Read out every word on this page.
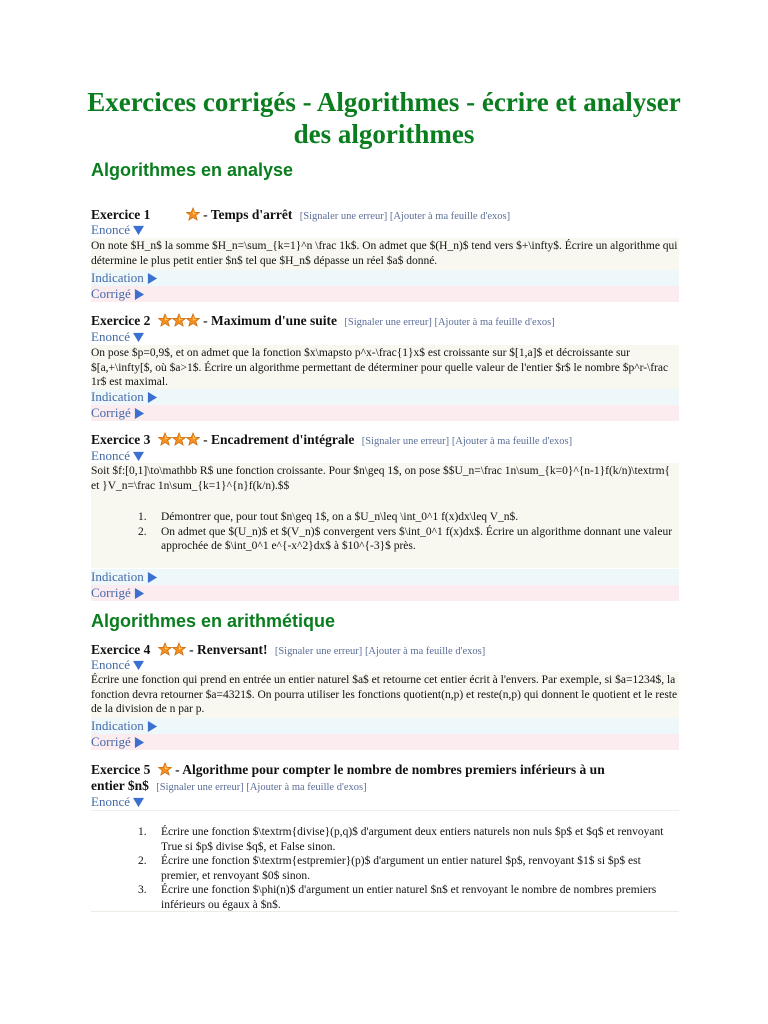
Exercices corrigés - Algorithmes - écrire et analyser des algorithmes
Algorithmes en analyse
Exercice 1	- Temps d'arrêt [Signaler une erreur] [Ajouter à ma feuille d'exos]
Enoncé

On note $H_n$ la somme $H_n=\sum_{k=1}^n \frac 1k$. On admet que $(H_n)$ tend vers $+\infty$. Écrire un algorithme qui détermine le plus petit entier $n$ tel que $H_n$ dépasse un réel $a$ donné.

Indication
Corrigé
Exercice 2	- Maximum d'une suite [Signaler une erreur] [Ajouter à ma feuille d'exos]
Enoncé

On pose $p=0,9$, et on admet que la fonction $x\mapsto p^x-\frac{1}x$ est croissante sur $[1,a]$ et décroissante sur $[a,+\infty[$, où $a>1$. Écrire un algorithme permettant de déterminer pour quelle valeur de l'entier $r$ le nombre $p^r-\frac 1r$ est maximal.

Indication
Corrigé
Exercice 3	- Encadrement d'intégrale [Signaler une erreur] [Ajouter à ma feuille d'exos]
Enoncé

Soit $f:[0,1]\to\mathbb R$ une fonction croissante. Pour $n\geq 1$, on pose $$U_n=\frac 1n\sum_{k=0}^{n-1}f(k/n)\textrm{ et }V_n=\frac 1n\sum_{k=1}^{n}f(k/n).$$

1. Démontrer que, pour tout $n\geq 1$, on a $U_n\leq \int_0^1 f(x)dx\leq V_n$.
2. On admet que $(U_n)$ et $(V_n)$ convergent vers $\int_0^1 f(x)dx$. Écrire un algorithme donnant une valeur approchée de $\int_0^1 e^{-x^2}dx$ à $10^{-3}$ près.
Indication
Corrigé
Algorithmes en arithmétique
Exercice 4	- Renversant! [Signaler une erreur] [Ajouter à ma feuille d'exos]
Enoncé

Écrire une fonction qui prend en entrée un entier naturel $a$ et retourne cet entier écrit à l'envers. Par exemple, si $a=1234$, la fonction devra retourner $a=4321$. On pourra utiliser les fonctions quotient(n,p) et reste(n,p) qui donnent le quotient et le reste de la division de n par p.

Indication
Corrigé
Exercice 5 - Algorithme pour compter le nombre de nombres premiers inférieurs à un
entier $n$ [Signaler une erreur] [Ajouter à ma feuille d'exos]
Enoncé
1. Écrire une fonction $\textrm{divise}(p,q)$ d'argument deux entiers naturels non nuls $p$ et $q$ et renvoyant True si $p$ divise $q$, et False sinon.
2. Écrire une fonction $\textrm{estpremier}(p)$ d'argument un entier naturel $p$, renvoyant $1$ si $p$ est premier, et renvoyant $0$ sinon.
3. Écrire une fonction $\phi(n)$ d'argument un entier naturel $n$ et renvoyant le nombre de nombres premiers inférieurs ou égaux à $n$.
